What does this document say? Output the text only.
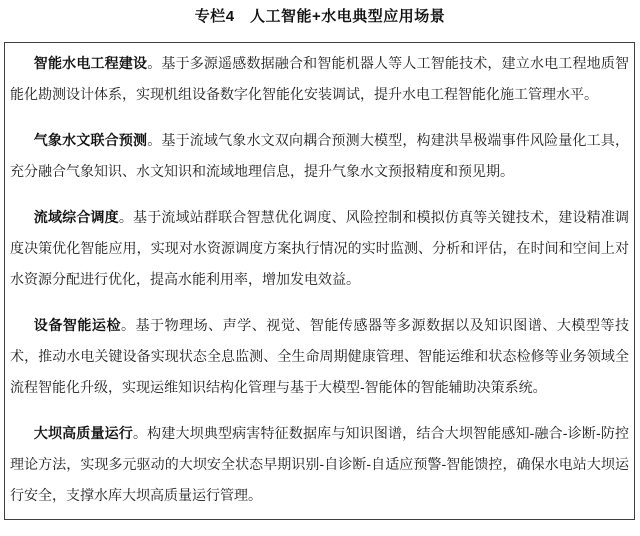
专栏4　人工智能+水电典型应用场景

智能水电工程建设。基于多源遥感数据融合和智能机器人等人工智能技术，建立水电工程地质智能化勘测设计体系，实现机组设备数字化智能化安装调试，提升水电工程智能化施工管理水平。

气象水文联合预测。基于流域气象水文双向耦合预测大模型，构建洪旱极端事件风险量化工具，充分融合气象知识、水文知识和流域地理信息，提升气象水文预报精度和预见期。

流域综合调度。基于流域站群联合智慧优化调度、风险控制和模拟仿真等关键技术，建设精准调度决策优化智能应用，实现对水资源调度方案执行情况的实时监测、分析和评估，在时间和空间上对水资源分配进行优化，提高水能利用率，增加发电效益。

设备智能运检。基于物理场、声学、视觉、智能传感器等多源数据以及知识图谱、大模型等技术，推动水电关键设备实现状态全息监测、全生命周期健康管理、智能运维和状态检修等业务领域全流程智能化升级，实现运维知识结构化管理与基于大模型-智能体的智能辅助决策系统。

大坝高质量运行。构建大坝典型病害特征数据库与知识图谱，结合大坝智能感知-融合-诊断-防控理论方法，实现多元驱动的大坝安全状态早期识别-自诊断-自适应预警-智能馈控，确保水电站大坝运行安全，支撑水库大坝高质量运行管理。
